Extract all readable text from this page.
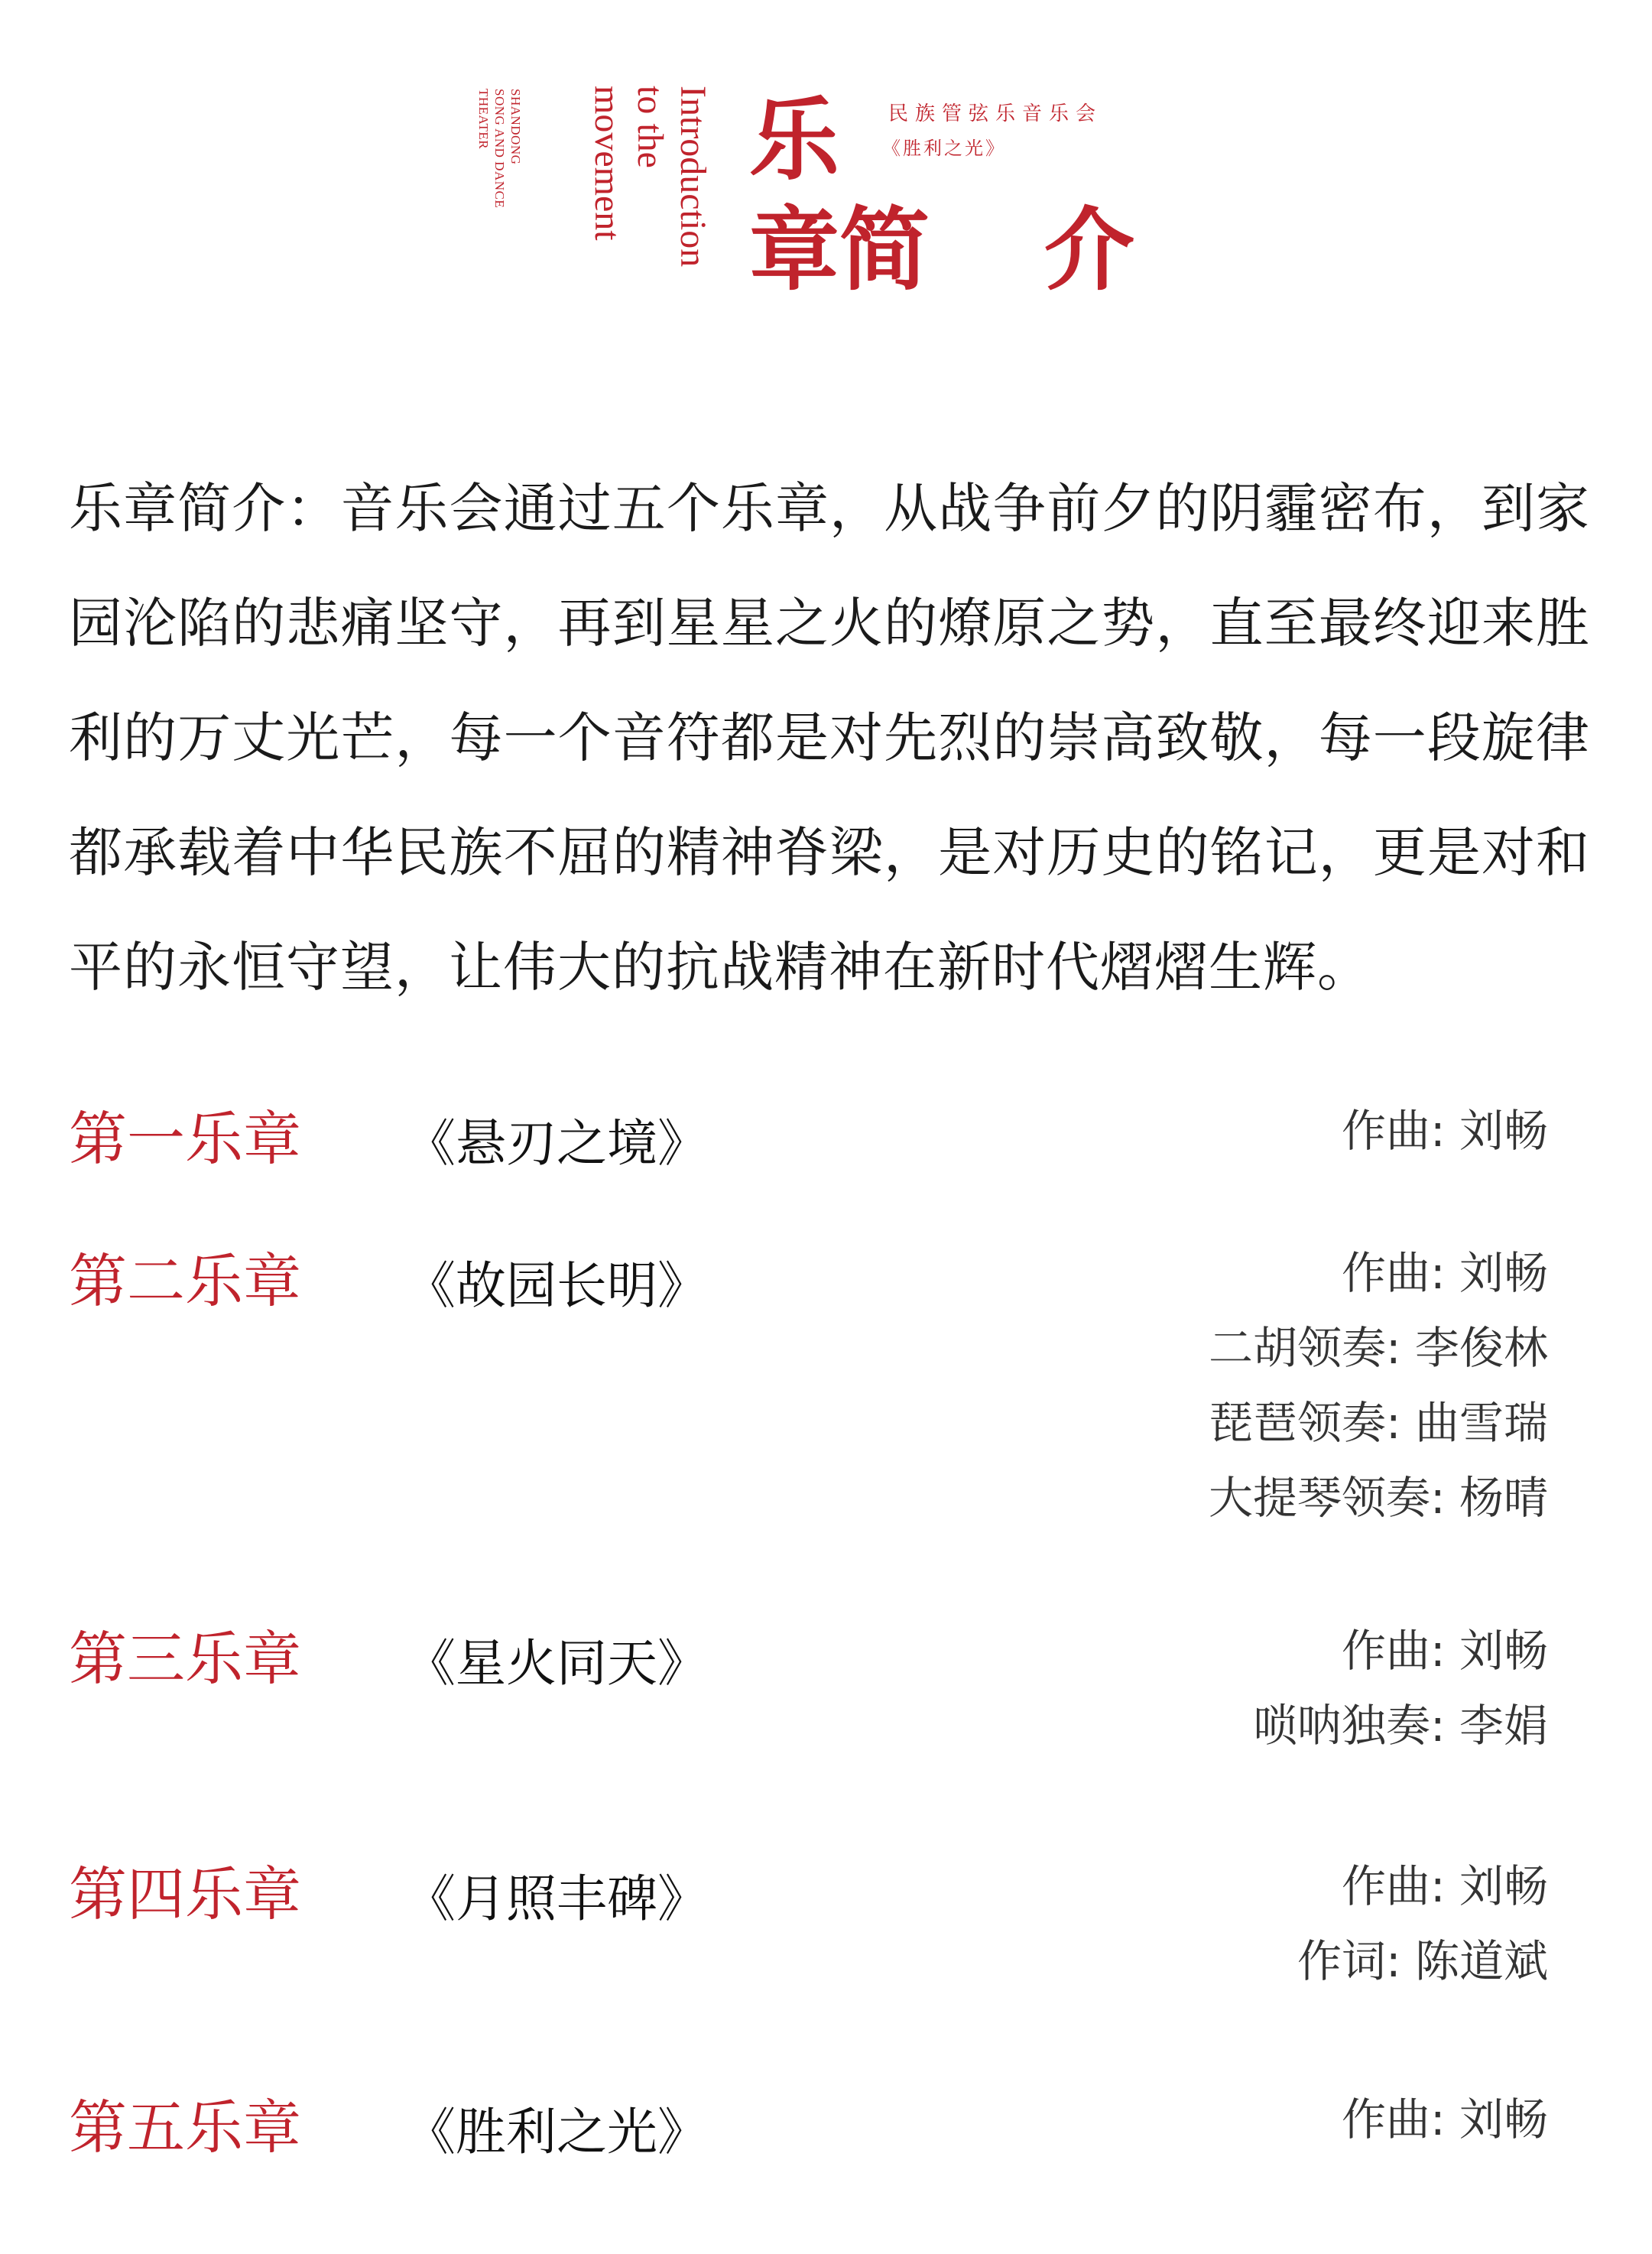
SHANDONG
SONG AND DANCE
THEATER	Introduction
to the
movement	乐
章简 介
民族管弦乐音乐会
《胜利之光》
乐章简介：音乐会通过五个乐章，从战争前夕的阴霾密布，到家园沦陷的悲痛坚守，再到星星之火的燎原之势，直至最终迎来胜利的万丈光芒，每一个音符都是对先烈的崇高致敬，每一段旋律都承载着中华民族不屈的精神脊梁，是对历史的铭记，更是对和平的永恒守望，让伟大的抗战精神在新时代熠熠生辉。
第一乐章 《悬刃之境》	作曲: 刘畅
第二乐章 《故园长明》	作曲: 刘畅
二胡领奏: 李俊林
琵琶领奏: 曲雪瑞
大提琴领奏: 杨晴
第三乐章 《星火同天》	作曲: 刘畅
唢呐独奏: 李娟
第四乐章 《月照丰碑》	作曲: 刘畅
作词: 陈道斌
第五乐章 《胜利之光》	作曲: 刘畅
